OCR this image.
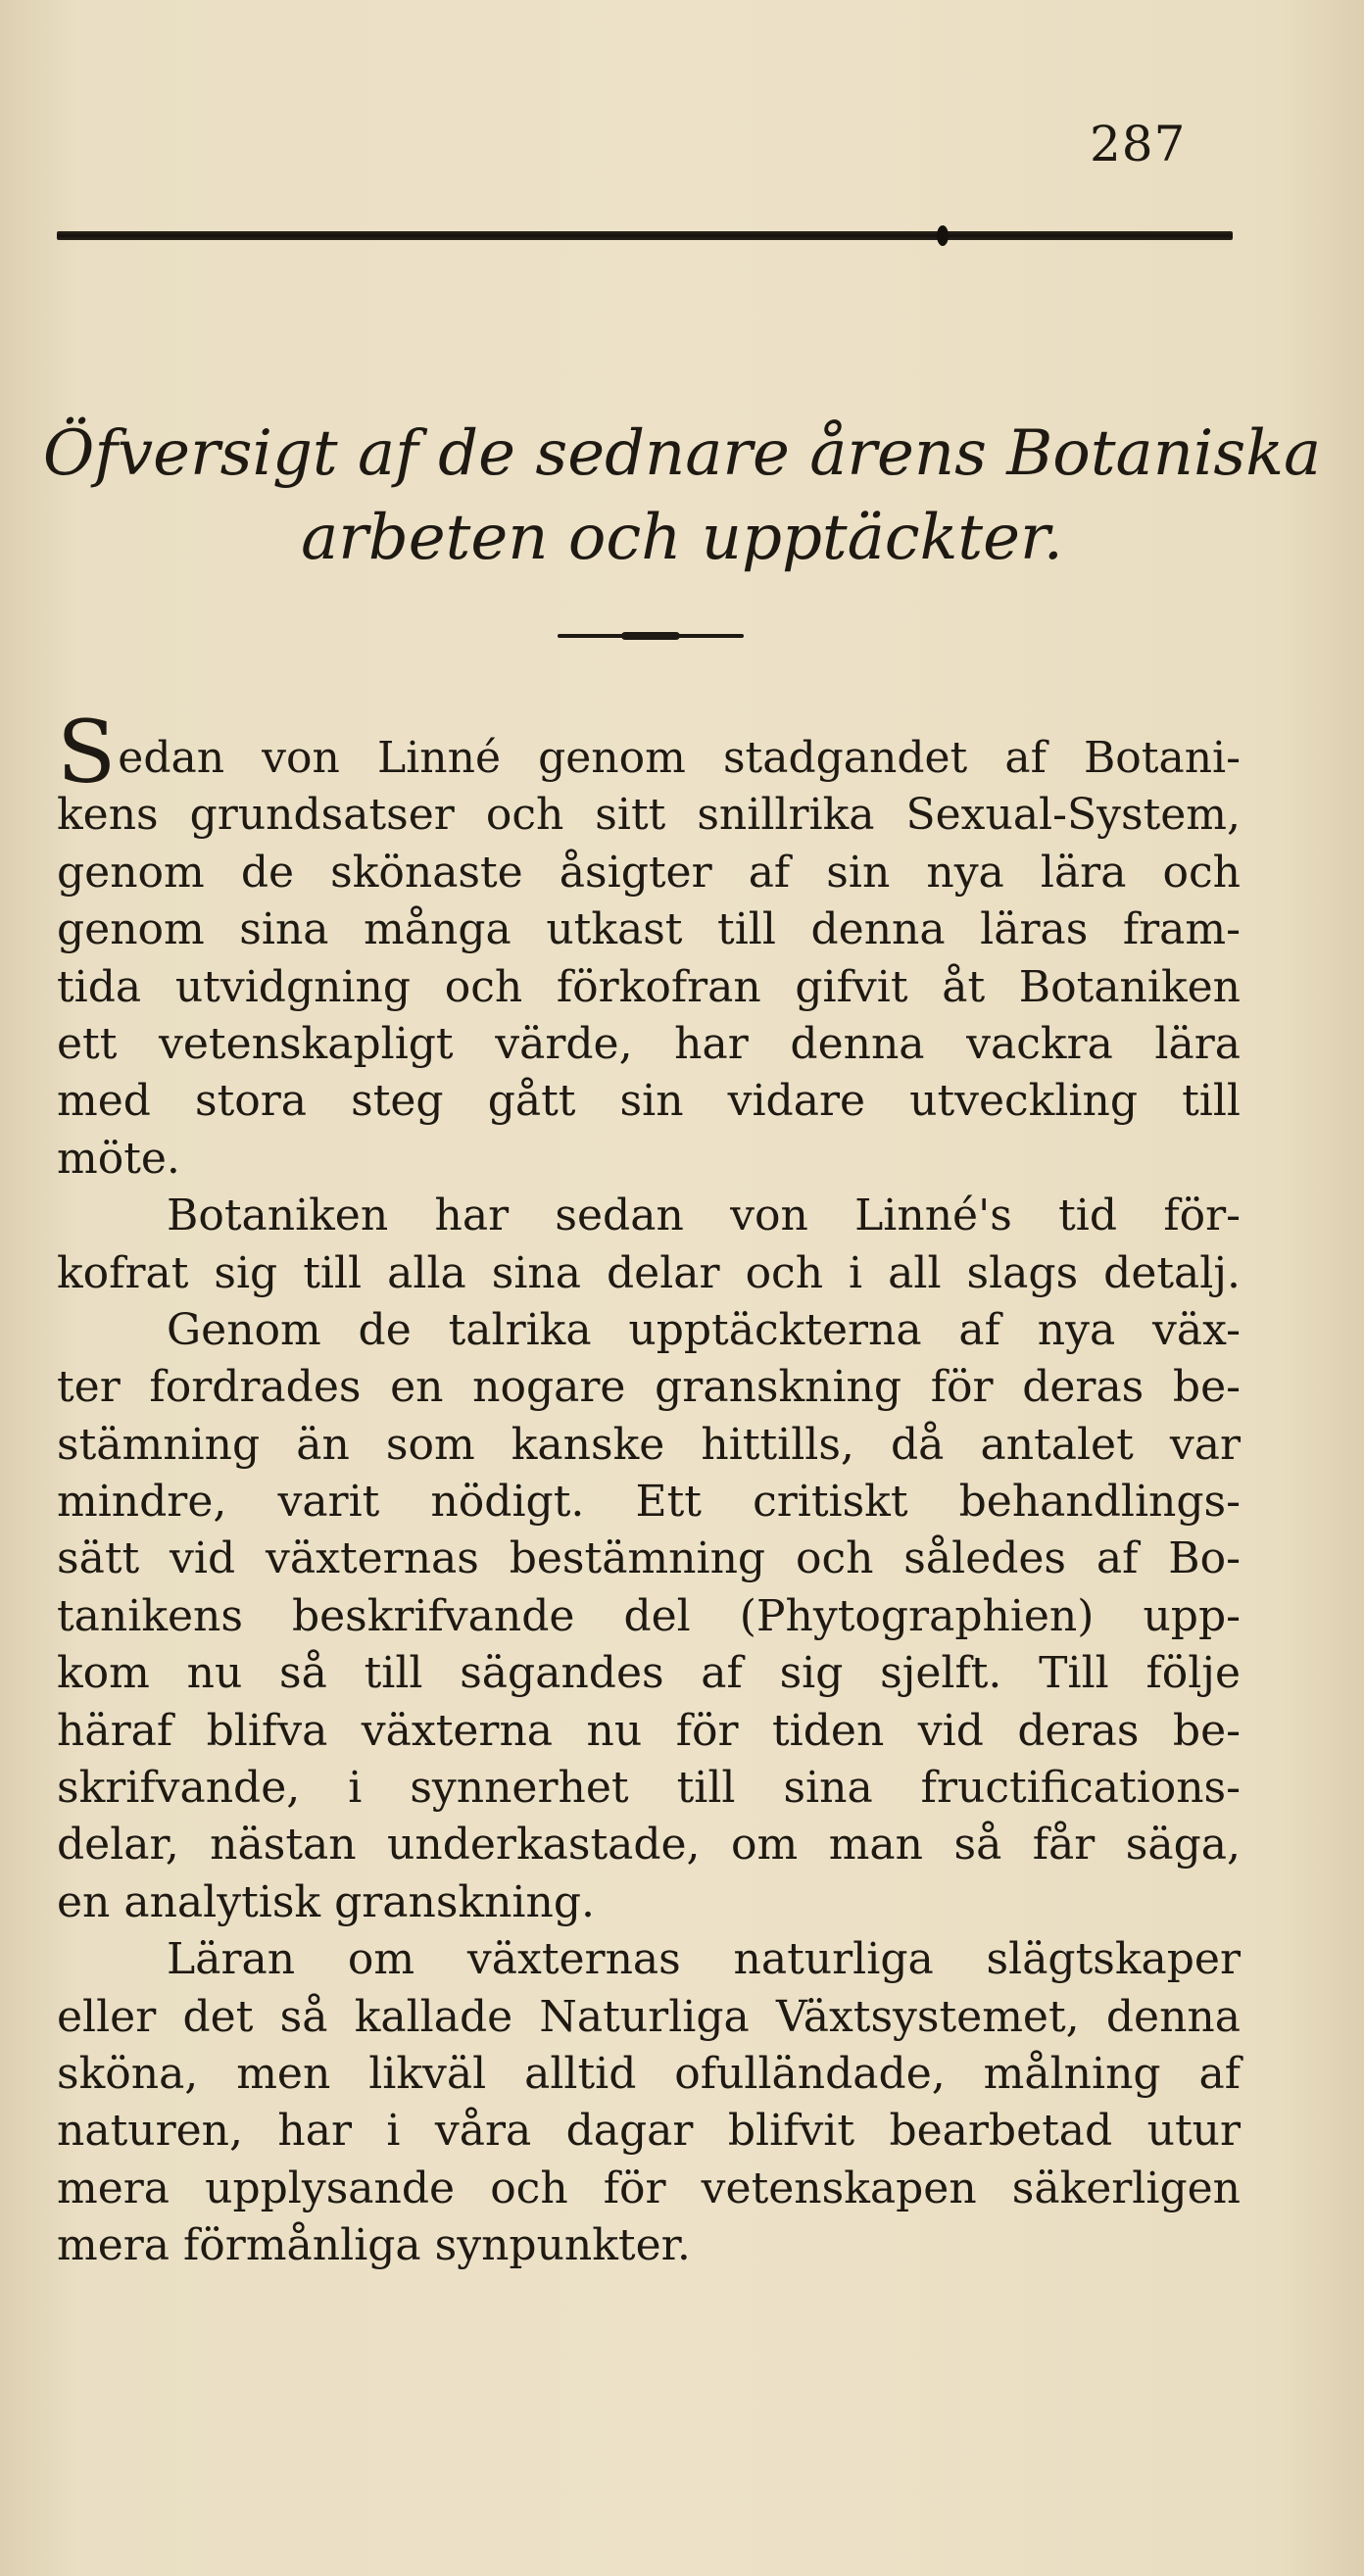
287
Öfversigt af de sednare årens Botaniska
arbeten och upptäckter.
Sedan von Linné genom stadgandet af Botani-
kens grundsatser och sitt snillrika Sexual-System,
genom de skönaste åsigter af sin nya lära och
genom sina många utkast till denna läras fram-
tida utvidgning och förkofran gifvit åt Botaniken
ett vetenskapligt värde, har denna vackra lära
med stora steg gått sin vidare utveckling till
möte.
Botaniken har sedan von Linné's tid för-
kofrat sig till alla sina delar och i all slags detalj.
Genom de talrika upptäckterna af nya väx-
ter fordrades en nogare granskning för deras be-
stämning än som kanske hittills, då antalet var
mindre, varit nödigt. Ett critiskt behandlings-
sätt vid växternas bestämning och således af Bo-
tanikens beskrifvande del (Phytographien) upp-
kom nu så till sägandes af sig sjelft. Till följe
häraf blifva växterna nu för tiden vid deras be-
skrifvande, i synnerhet till sina fructifications-
delar, nästan underkastade, om man så får säga,
en analytisk granskning.
Läran om växternas naturliga slägtskaper
eller det så kallade Naturliga Växtsystemet, denna
sköna, men likväl alltid ofulländade, målning af
naturen, har i våra dagar blifvit bearbetad utur
mera upplysande och för vetenskapen säkerligen
mera förmånliga synpunkter.
